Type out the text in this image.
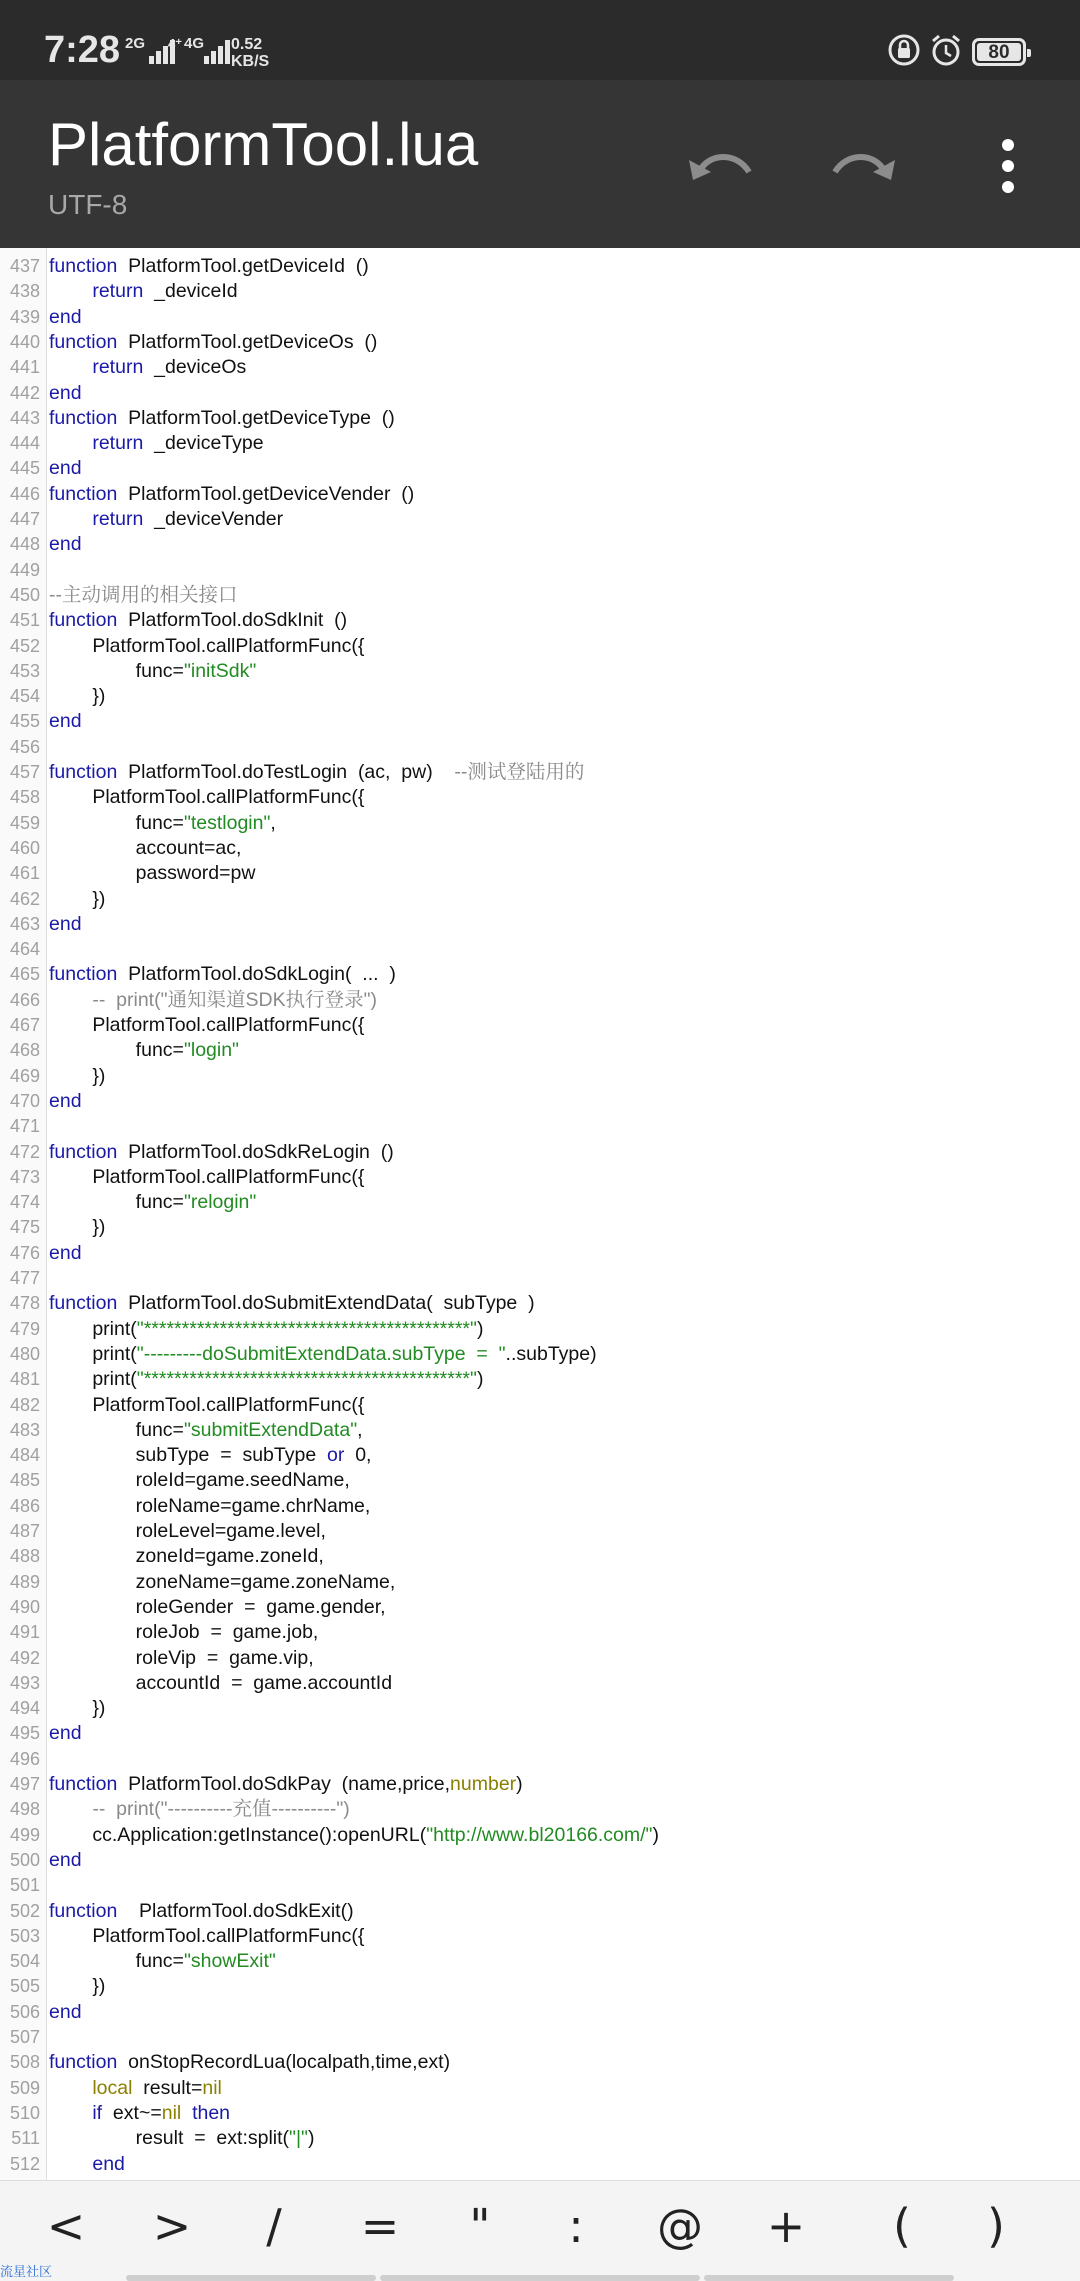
7:28 2G 4⁺ 4G 0.52
KB/S	80
PlatformTool.lua
UTF-8
437 function  PlatformTool.getDeviceId  ()
438	return  _deviceId
439 end
440 function  PlatformTool.getDeviceOs  ()
441	return  _deviceOs
442 end
443 function  PlatformTool.getDeviceType  ()
444	return  _deviceType
445 end
446 function  PlatformTool.getDeviceVender  ()
447	return  _deviceVender
448 end
449
450 --主动调用的相关接口
451 function  PlatformTool.doSdkInit  ()
452 PlatformTool.callPlatformFunc({
453 func="initSdk"
454 })
455 end
456
457 function  PlatformTool.doTestLogin  (ac,  pw)    --测试登陆用的
458 PlatformTool.callPlatformFunc({
459 func="testlogin",
460 account=ac,
461 password=pw
462 })
463 end
464
465 function  PlatformTool.doSdkLogin(  ...  )
466	--  print("通知渠道SDK执行登录")
467 PlatformTool.callPlatformFunc({
468 func="login"
469 })
470 end
471
472 function  PlatformTool.doSdkReLogin  ()
473 PlatformTool.callPlatformFunc({
474 func="relogin"
475 })
476 end
477
478 function  PlatformTool.doSubmitExtendData(  subType  )
479 print("*******************************************")
480 print("---------doSubmitExtendData.subType  =  "..subType)
481 print("*******************************************")
482 PlatformTool.callPlatformFunc({
483 func="submitExtendData",
484 subType  =  subType  or  0,
485 roleId=game.seedName,
486 roleName=game.chrName,
487 roleLevel=game.level,
488 zoneId=game.zoneId,
489 zoneName=game.zoneName,
490 roleGender  =  game.gender,
491 roleJob  =  game.job,
492 roleVip  =  game.vip,
493 accountId  =  game.accountId
494 })
495 end
496
497 function  PlatformTool.doSdkPay  (name,price,number)
498	--  print("----------充值----------")
499 cc.Application:getInstance():openURL("http://www.bl20166.com/")
500 end
501
502 function    PlatformTool.doSdkExit()
503 PlatformTool.callPlatformFunc({
504 func="showExit"
505 })
506 end
507
508 function  onStopRecordLua(localpath,time,ext)
509	local  result=nil
510	if  ext~=nil then
511 result  =  ext:split("|")
512	end
<	>	/	=	"	:	@	+	(	)
流星社区
